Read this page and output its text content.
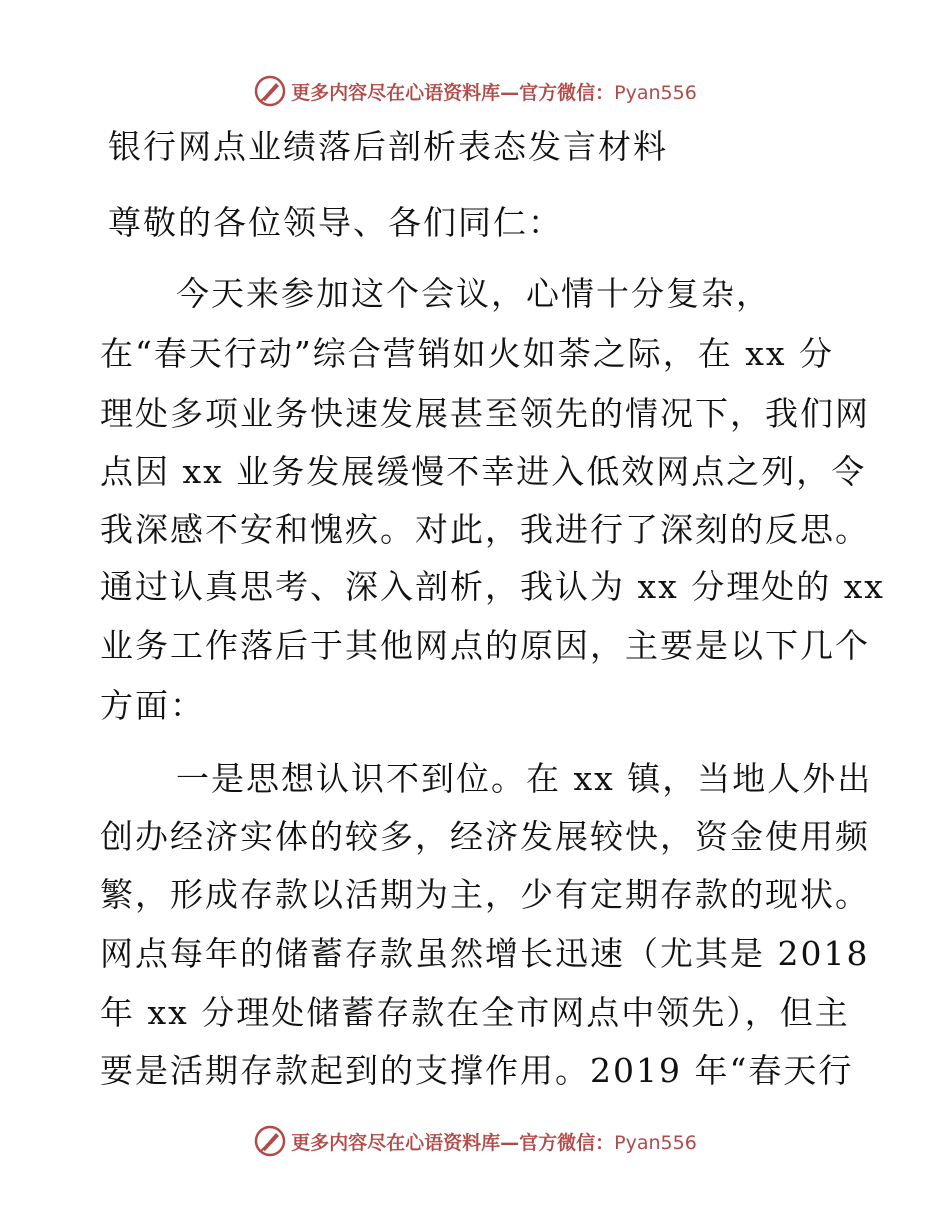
更多内容尽在心语资料库—官方微信：Pyan556
银行网点业绩落后剖析表态发言材料
尊敬的各位领导、各们同仁：
今天来参加这个会议，心情十分复杂，
在“春天行动”综合营销如火如荼之际，在 xx 分
理处多项业务快速发展甚至领先的情况下，我们网
点因 xx 业务发展缓慢不幸进入低效网点之列，令
我深感不安和愧疚。对此，我进行了深刻的反思。
通过认真思考、深入剖析，我认为 xx 分理处的 xx
业务工作落后于其他网点的原因，主要是以下几个
方面：
一是思想认识不到位。在 xx 镇，当地人外出
创办经济实体的较多，经济发展较快，资金使用频
繁，形成存款以活期为主，少有定期存款的现状。
网点每年的储蓄存款虽然增长迅速（尤其是 2018
年 xx 分理处储蓄存款在全市网点中领先），但主
要是活期存款起到的支撑作用。2019 年“春天行
更多内容尽在心语资料库—官方微信：Pyan556
